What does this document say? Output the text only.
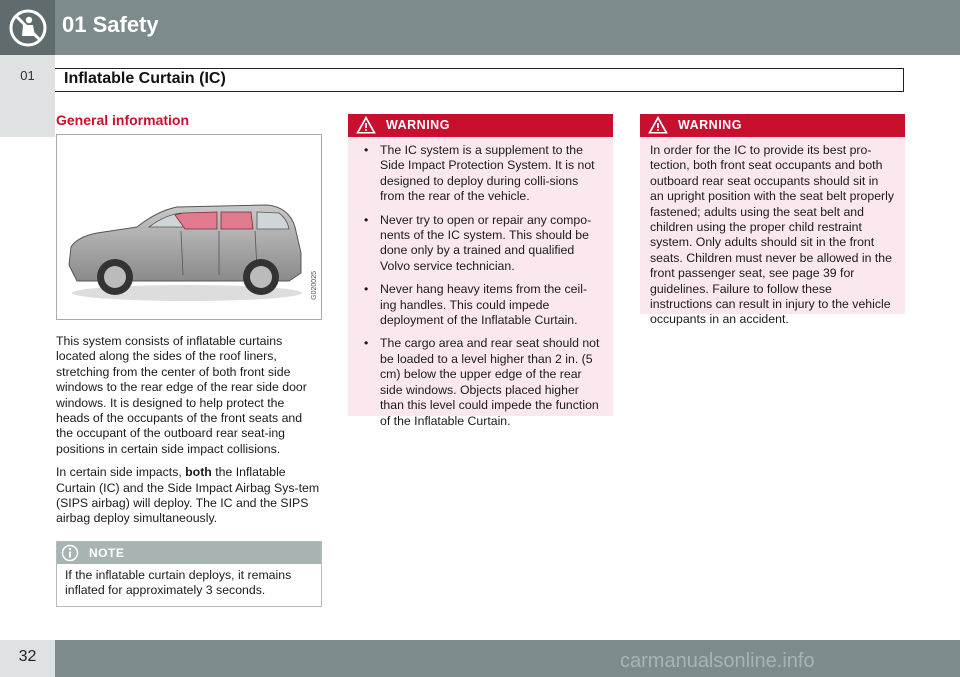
01 Safety
01	Inflatable Curtain (IC)
General information
G020025

This system consists of inflatable curtains located along the sides of the roof liners, stretching from the center of both front side windows to the rear edge of the rear side door windows. It is designed to help protect the heads of the occupants of the front seats and the occupant of the outboard rear seat-ing positions in certain side impact collisions.

In certain side impacts, both the Inflatable Curtain (IC) and the Side Impact Airbag Sys-tem (SIPS airbag) will deploy. The IC and the SIPS airbag deploy simultaneously.

NOTE
If the inflatable curtain deploys, it remains inflated for approximately 3 seconds.
WARNING
• The IC system is a supplement to the Side Impact Protection System. It is not designed to deploy during colli-sions from the rear of the vehicle.
• Never try to open or repair any compo-nents of the IC system. This should be done only by a trained and qualified Volvo service technician.
• Never hang heavy items from the ceil-ing handles. This could impede deployment of the Inflatable Curtain.
• The cargo area and rear seat should not be loaded to a level higher than 2 in. (5 cm) below the upper edge of the rear side windows. Objects placed higher than this level could impede the function of the Inflatable Curtain.
WARNING

In order for the IC to provide its best pro-tection, both front seat occupants and both outboard rear seat occupants should sit in an upright position with the seat belt properly fastened; adults using the seat belt and children using the proper child restraint system. Only adults should sit in the front seats. Children must never be allowed in the front passenger seat, see page 39 for guidelines. Failure to follow these instructions can result in injury to the vehicle occupants in an accident.

32	carmanualsonline.info
